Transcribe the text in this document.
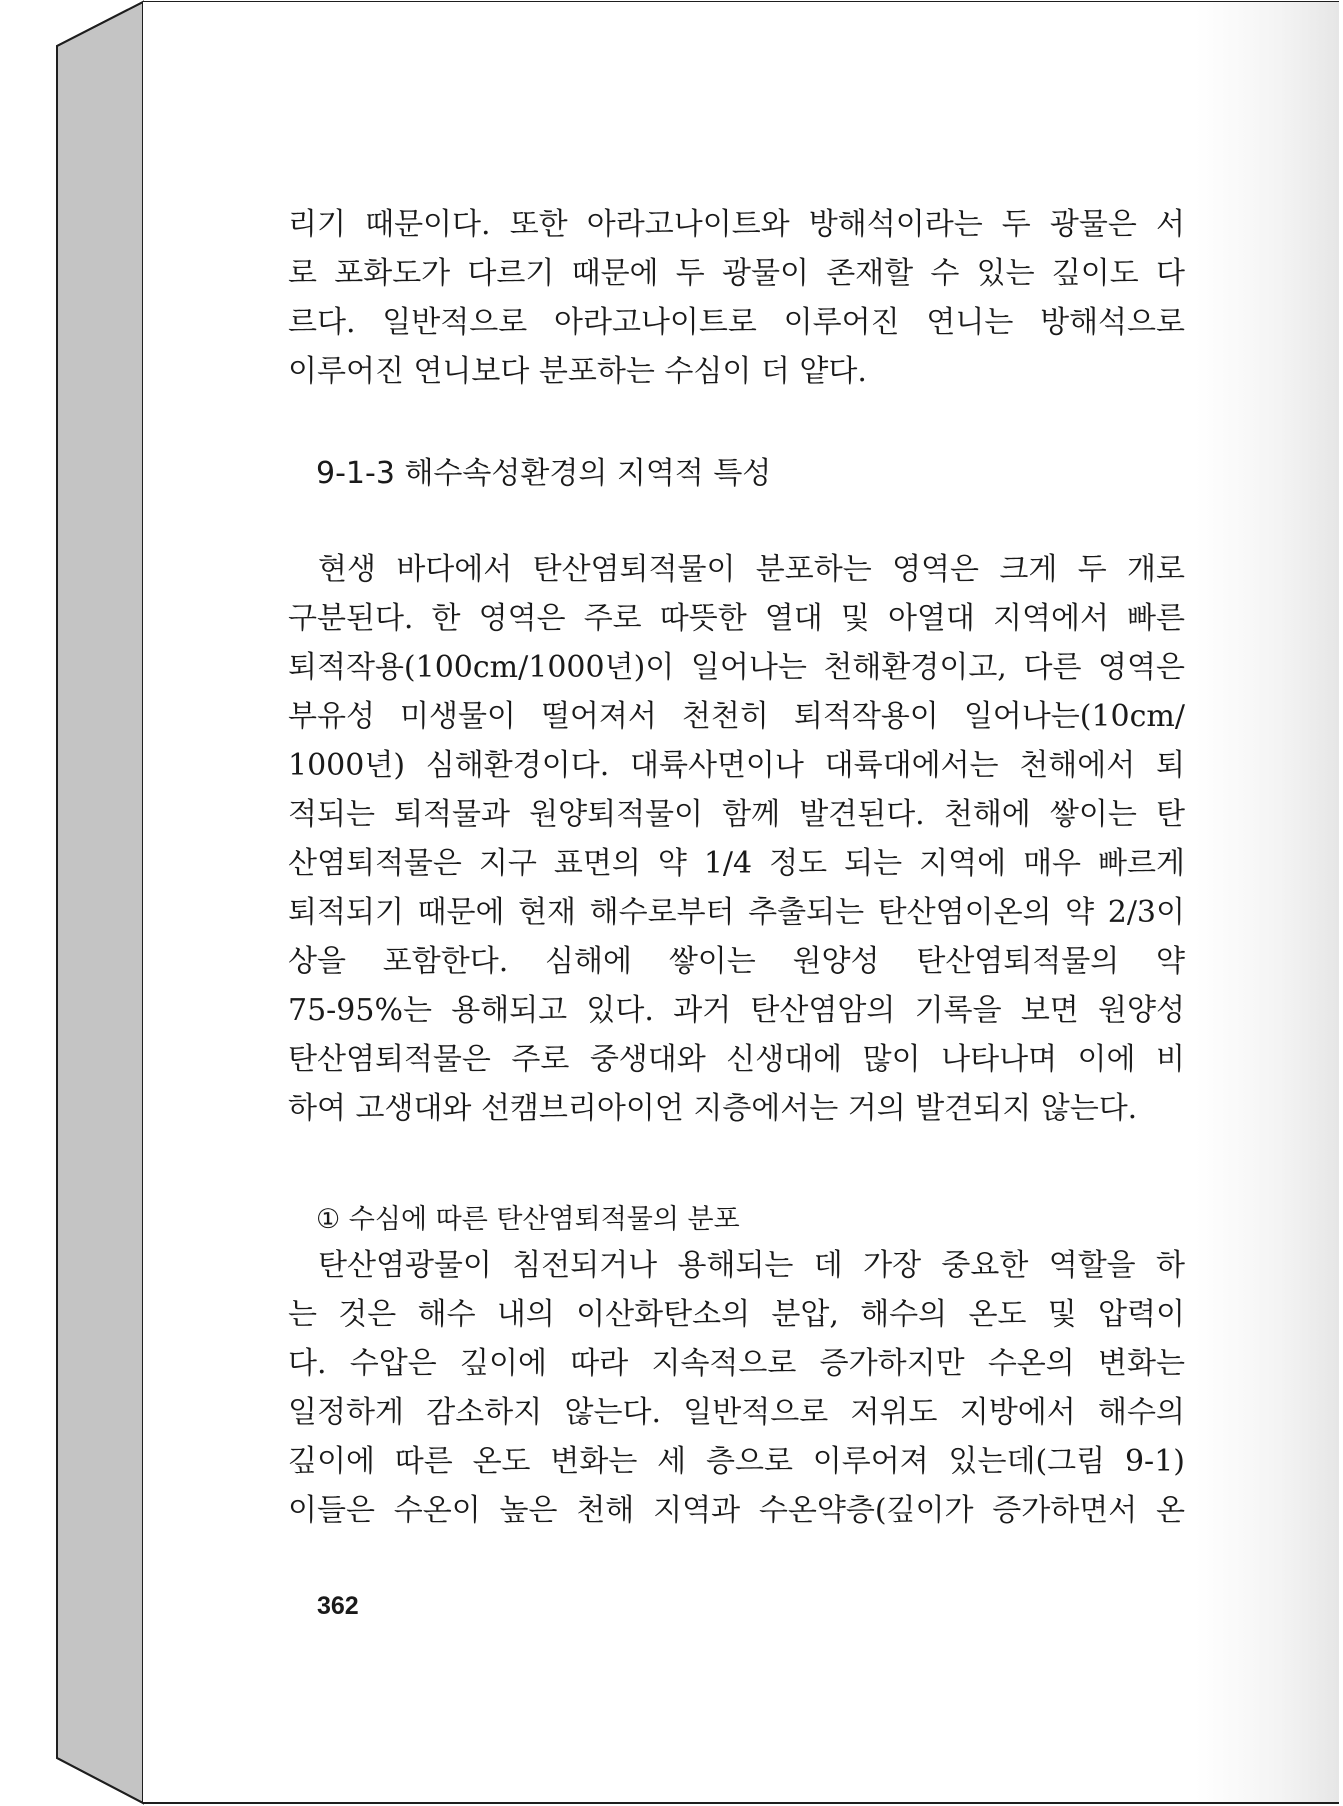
리기 때문이다. 또한 아라고나이트와 방해석이라는 두 광물은 서
로 포화도가 다르기 때문에 두 광물이 존재할 수 있는 깊이도 다
르다. 일반적으로 아라고나이트로 이루어진 연니는 방해석으로
이루어진 연니보다 분포하는 수심이 더 얕다.

9-1-3 해수속성환경의 지역적 특성

현생 바다에서 탄산염퇴적물이 분포하는 영역은 크게 두 개로
구분된다. 한 영역은 주로 따뜻한 열대 및 아열대 지역에서 빠른
퇴적작용(100cm/1000년)이 일어나는 천해환경이고, 다른 영역은
부유성 미생물이 떨어져서 천천히 퇴적작용이 일어나는(10cm/
1000년) 심해환경이다. 대륙사면이나 대륙대에서는 천해에서 퇴
적되는 퇴적물과 원양퇴적물이 함께 발견된다. 천해에 쌓이는 탄
산염퇴적물은 지구 표면의 약 1/4 정도 되는 지역에 매우 빠르게
퇴적되기 때문에 현재 해수로부터 추출되는 탄산염이온의 약 2/3이
상을 포함한다. 심해에 쌓이는 원양성 탄산염퇴적물의 약
75-95%는 용해되고 있다. 과거 탄산염암의 기록을 보면 원양성
탄산염퇴적물은 주로 중생대와 신생대에 많이 나타나며 이에 비
하여 고생대와 선캠브리아이언 지층에서는 거의 발견되지 않는다.

① 수심에 따른 탄산염퇴적물의 분포

탄산염광물이 침전되거나 용해되는 데 가장 중요한 역할을 하
는 것은 해수 내의 이산화탄소의 분압, 해수의 온도 및 압력이
다. 수압은 깊이에 따라 지속적으로 증가하지만 수온의 변화는
일정하게 감소하지 않는다. 일반적으로 저위도 지방에서 해수의
깊이에 따른 온도 변화는 세 층으로 이루어져 있는데(그림 9-1)
이들은 수온이 높은 천해 지역과 수온약층(깊이가 증가하면서 온

362
